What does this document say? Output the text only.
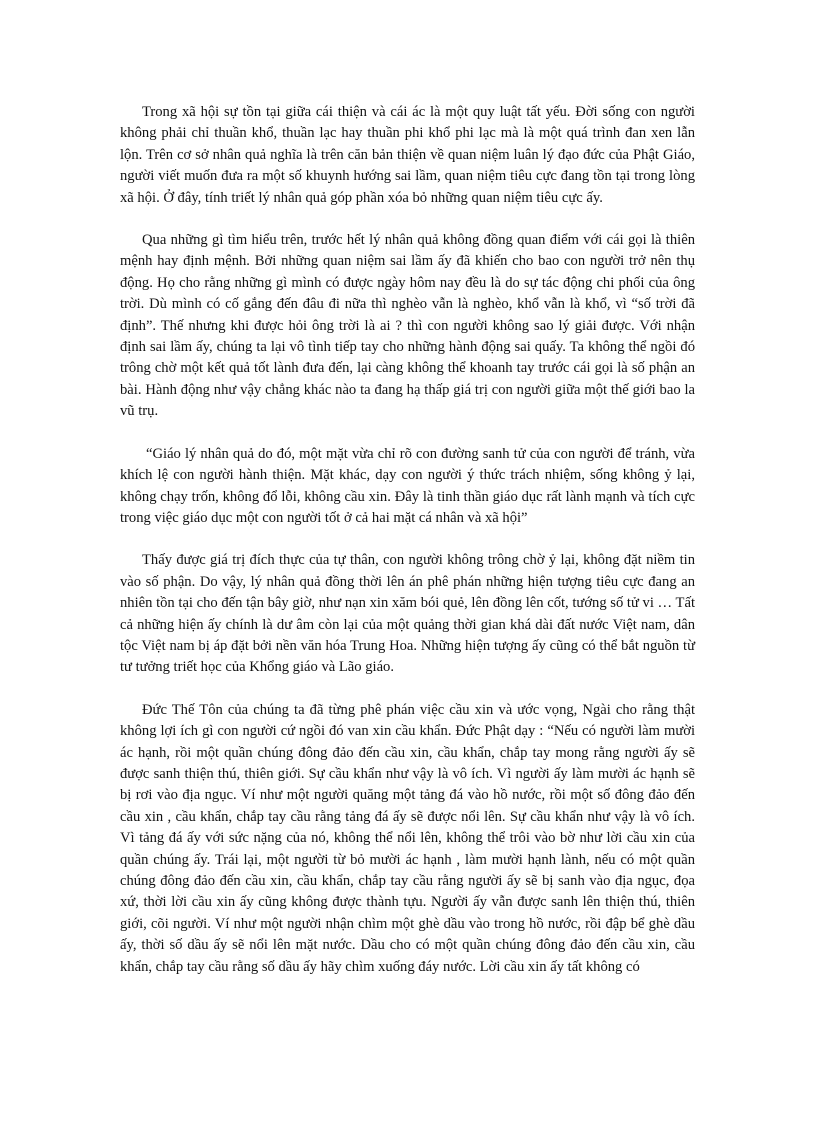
Trong xã hội sự tồn tại giữa cái thiện và cái ác là một quy luật tất yếu. Đời sống con người không phải chỉ thuần khổ, thuần lạc hay thuần phi khổ phi lạc mà là một quá trình đan xen lẫn lộn. Trên cơ sở nhân quả nghĩa là trên căn bản thiện về quan niệm luân lý đạo đức của Phật Giáo, người viết muốn đưa ra một số khuynh hướng sai lầm, quan niệm tiêu cực đang tồn tại trong lòng xã hội. Ở đây, tính triết lý nhân quả góp phần xóa bỏ những quan niệm tiêu cực ấy.

Qua những gì tìm hiểu trên, trước hết lý nhân quả không đồng quan điểm với cái gọi là thiên mệnh hay định mệnh. Bởi những quan niệm sai lầm ấy đã khiến cho bao con người trở nên thụ động. Họ cho rằng những gì mình có được ngày hôm nay đều là do sự tác động chi phối của ông trời. Dù mình có cố gắng đến đâu đi nữa thì nghèo vẫn là nghèo, khổ vẫn là khổ, vì “số trời đã định”. Thế nhưng khi được hỏi ông trời là ai ? thì con người không sao lý giải được. Với nhận định sai lầm ấy, chúng ta lại vô tình tiếp tay cho những hành động sai quấy. Ta không thể ngồi đó trông chờ một kết quả tốt lành đưa đến, lại càng không thể khoanh tay trước cái gọi là số phận an bài. Hành động như vậy chẳng khác nào ta đang hạ thấp giá trị con người giữa một thế giới bao la vũ trụ.

“Giáo lý nhân quả do đó, một mặt vừa chỉ rõ con đường sanh tử của con người để tránh, vừa khích lệ con người hành thiện. Mặt khác, dạy con người ý thức trách nhiệm, sống không ỷ lại, không chạy trốn, không đổ lỗi, không cầu xin. Đây là tinh thần giáo dục rất lành mạnh và tích cực trong việc giáo dục một con người tốt ở cả hai mặt cá nhân và xã hội”

Thấy được giá trị đích thực của tự thân, con người không trông chờ ỷ lại, không đặt niềm tin vào số phận. Do vậy, lý nhân quả đồng thời lên án phê phán những hiện tượng tiêu cực đang an nhiên tồn tại cho đến tận bây giờ, như nạn xin xăm bói quẻ, lên đồng lên cốt, tướng số tử vi … Tất cả những hiện ấy chính là dư âm còn lại của một quảng thời gian khá dài đất nước Việt nam, dân tộc Việt nam bị áp đặt bởi nền văn hóa Trung Hoa. Những hiện tượng ấy cũng có thể bắt nguồn từ tư tưởng triết học của Khổng giáo và Lão giáo.

Đức Thế Tôn của chúng ta đã từng phê phán việc cầu xin và ước vọng, Ngài cho rằng thật không lợi ích gì con người cứ ngồi đó van xin cầu khẩn. Đức Phật dạy : “Nếu có người làm mười ác hạnh, rồi một quần chúng đông đảo đến cầu xin, cầu khẩn, chắp tay mong rằng người ấy sẽ được sanh thiện thú, thiên giới. Sự cầu khẩn như vậy là vô ích. Vì người ấy làm mười ác hạnh sẽ bị rơi vào địa ngục. Ví như một người quăng một tảng đá vào hồ nước, rồi một số đông đảo đến cầu xin , cầu khẩn, chắp tay cầu rằng tảng đá ấy sẽ được nổi lên. Sự cầu khẩn như vậy là vô ích. Vì tảng đá ấy với sức nặng của nó, không thể nổi lên, không thể trôi vào bờ như lời cầu xin của quần chúng ấy. Trái lại, một người từ bỏ mười ác hạnh , làm mười hạnh lành, nếu có một quần chúng đông đảo đến cầu xin, cầu khẩn, chắp tay cầu rằng người ấy sẽ bị sanh vào địa ngục, đọa xứ, thời lời cầu xin ấy cũng không được thành tựu. Người ấy vẫn được sanh lên thiện thú, thiên giới, cõi người. Ví như một người nhận chìm một ghè dầu vào trong hồ nước, rồi đập bể ghè dầu ấy, thời số dầu ấy sẽ nổi lên mặt nước. Dầu cho có một quần chúng đông đảo đến cầu xin, cầu khẩn, chắp tay cầu rằng số dầu ấy hãy chìm xuống đáy nước. Lời cầu xin ấy tất không có
